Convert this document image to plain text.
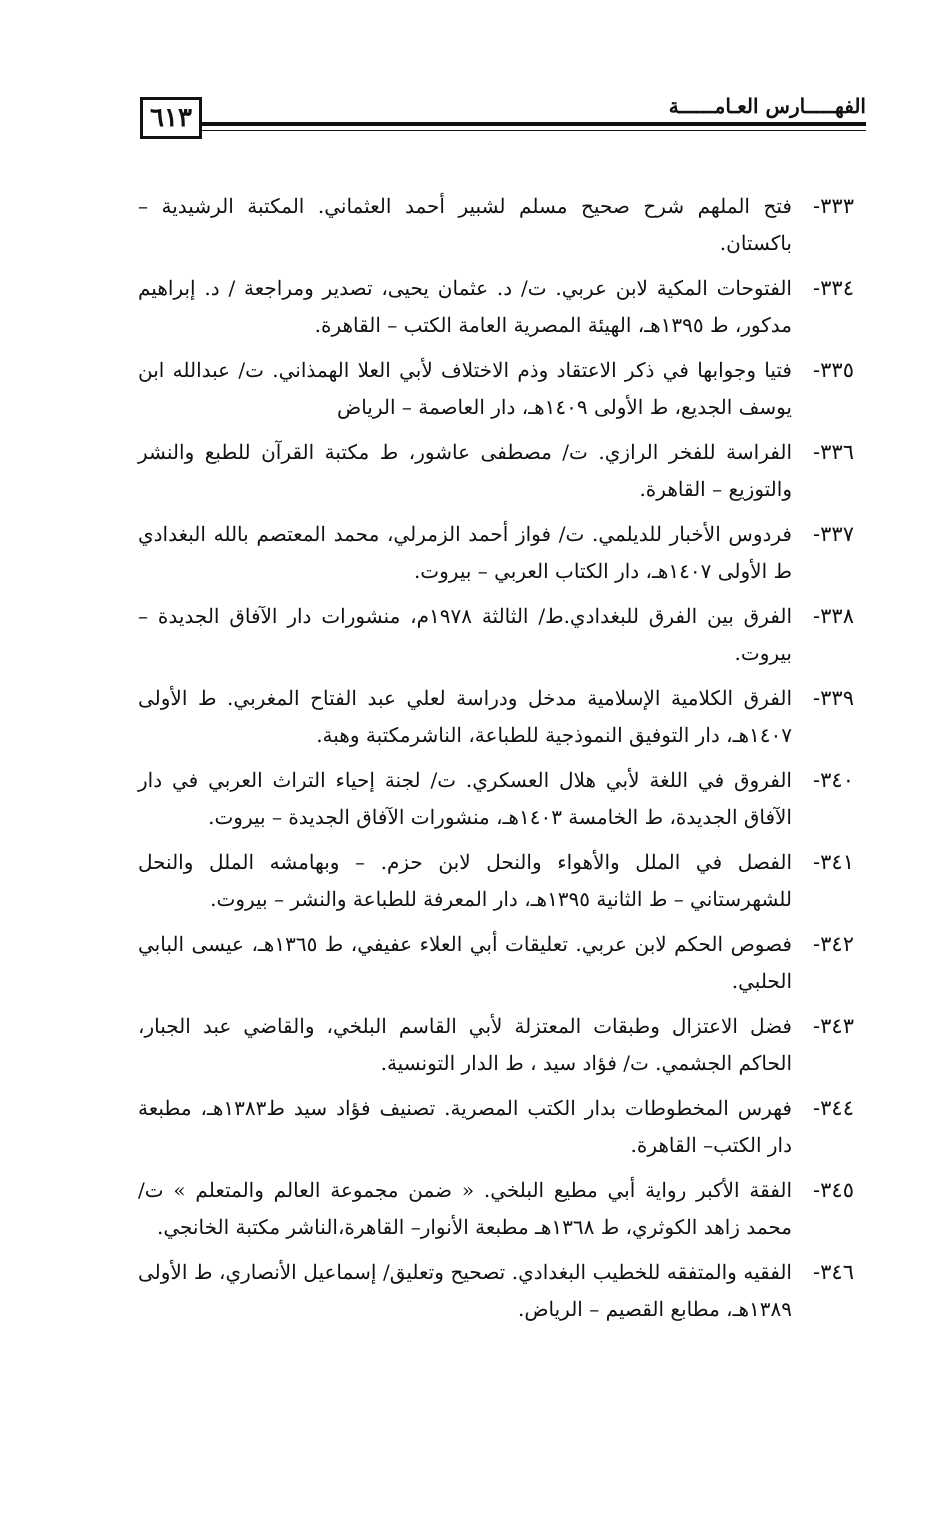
٦١٣	الفهـــــارس العـامــــــة
٣٣٣-
فتح الملهم شرح صحيح مسلم لشبير أحمد العثماني. المكتبة الرشيدية – باكستان.
٣٣٤-
الفتوحات المكية لابن عربي. ت/ د. عثمان يحيى، تصدير ومراجعة / د. إبراهيم مدكور، ط ١٣٩٥هـ، الهيئة المصرية العامة الكتب – القاهرة.
٣٣٥-
فتيا وجوابها في ذكر الاعتقاد وذم الاختلاف لأبي العلا الهمذاني. ت/ عبدالله ابن يوسف الجديع، ط الأولى ١٤٠٩هـ، دار العاصمة – الرياض
٣٣٦-
الفراسة للفخر الرازي. ت/ مصطفى عاشور، ط مكتبة القرآن للطبع والنشر والتوزيع – القاهرة.
٣٣٧-
فردوس الأخبار للديلمي. ت/ فواز أحمد الزمرلي، محمد المعتصم بالله البغدادي ط الأولى ١٤٠٧هـ، دار الكتاب العربي – بيروت.
٣٣٨-
الفرق بين الفرق للبغدادي.ط/ الثالثة ١٩٧٨م، منشورات دار الآفاق الجديدة – بيروت.
٣٣٩-
الفرق الكلامية الإسلامية مدخل ودراسة لعلي عبد الفتاح المغربي. ط الأولى ١٤٠٧هـ، دار التوفيق النموذجية للطباعة، الناشرمكتبة وهبة.
٣٤٠-
الفروق في اللغة لأبي هلال العسكري. ت/ لجنة إحياء التراث العربي في دار الآفاق الجديدة، ط الخامسة ١٤٠٣هـ، منشورات الآفاق الجديدة – بيروت.
٣٤١-
الفصل في الملل والأهواء والنحل لابن حزم. – وبهامشه الملل والنحل للشهرستاني – ط الثانية ١٣٩٥هـ، دار المعرفة للطباعة والنشر – بيروت.
٣٤٢-
فصوص الحكم لابن عربي. تعليقات أبي العلاء عفيفي، ط ١٣٦٥هـ، عيسى البابي الحلبي.
٣٤٣-
فضل الاعتزال وطبقات المعتزلة لأبي القاسم البلخي، والقاضي عبد الجبار، الحاكم الجشمي. ت/ فؤاد سيد ، ط الدار التونسية.
٣٤٤-
فهرس المخطوطات بدار الكتب المصرية. تصنيف فؤاد سيد ط١٣٨٣هـ، مطبعة دار الكتب– القاهرة.
٣٤٥-
الفقة الأكبر رواية أبي مطيع البلخي. « ضمن مجموعة العالم والمتعلم » ت/ محمد زاهد الكوثري، ط ١٣٦٨هـ مطبعة الأنوار– القاهرة،الناشر مكتبة الخانجي.
٣٤٦-
الفقيه والمتفقه للخطيب البغدادي. تصحيح وتعليق/ إسماعيل الأنصاري، ط الأولى ١٣٨٩هـ، مطابع القصيم – الرياض.
